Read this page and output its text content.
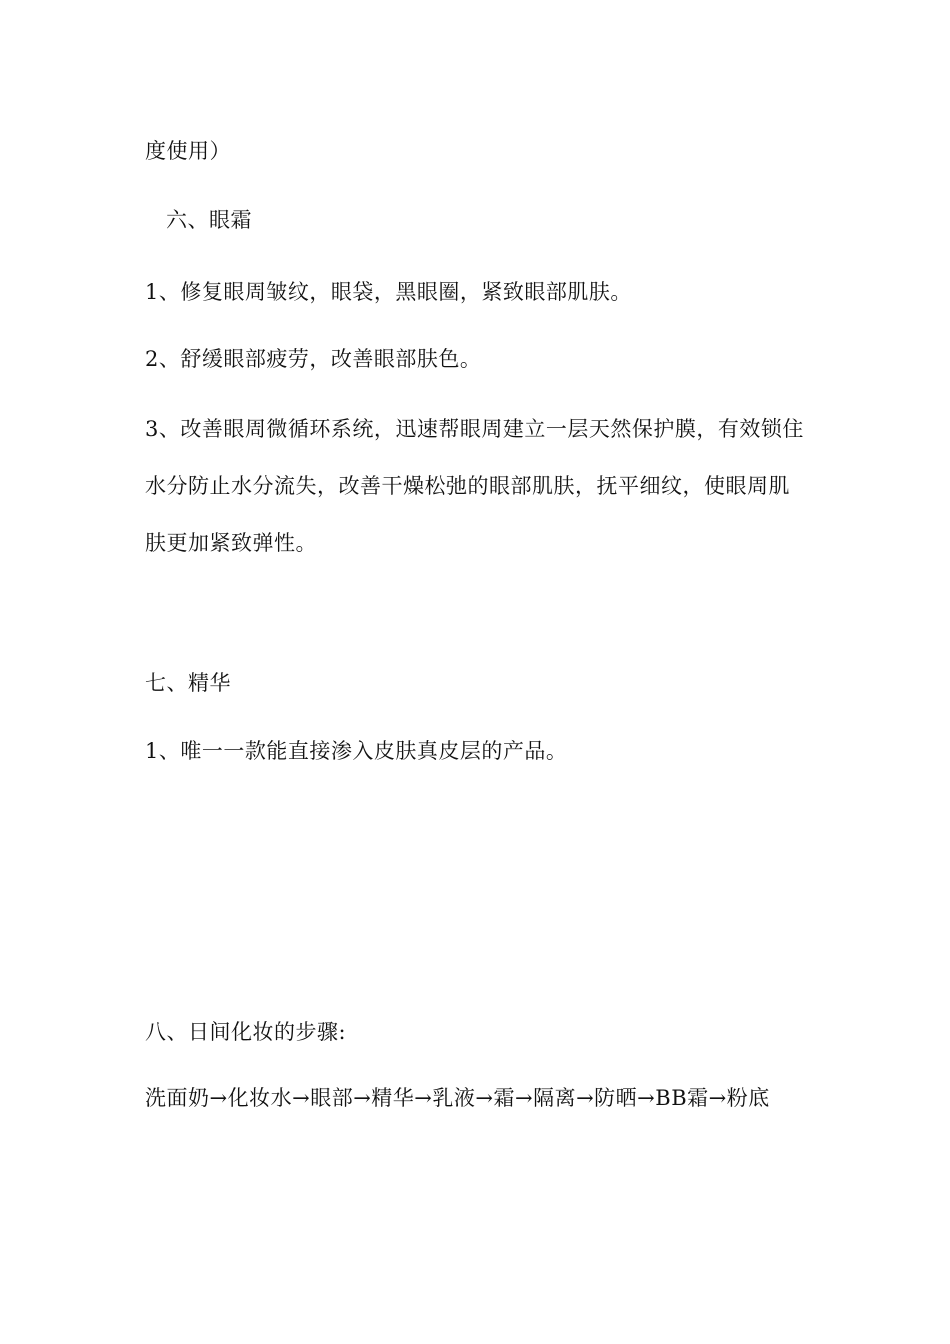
度使用）
六、眼霜
1、修复眼周皱纹，眼袋，黑眼圈，紧致眼部肌肤。
2、舒缓眼部疲劳，改善眼部肤色。
3、改善眼周微循环系统，迅速帮眼周建立一层天然保护膜，有效锁住水分防止水分流失，改善干燥松弛的眼部肌肤，抚平细纹，使眼周肌肤更加紧致弹性。
七、精华
1、唯一一款能直接渗入皮肤真皮层的产品。
八、日间化妆的步骤:
洗面奶→化妆水→眼部→精华→乳液→霜→隔离→防晒→BB霜→粉底
